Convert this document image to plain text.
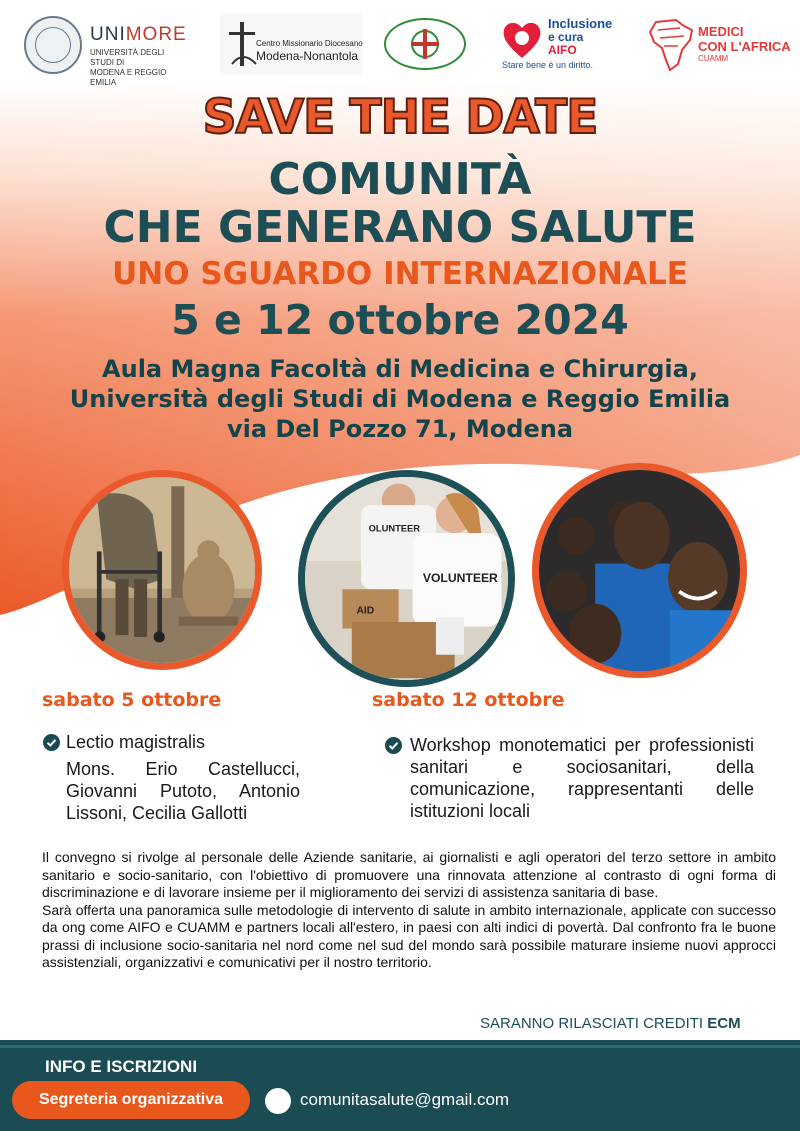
UNIMORE
UNIVERSITÀ DEGLI STUDI DI
MODENA E REGGIO EMILIA
Centro Missionario Diocesano
Modena-Nonantola
Inclusione
e cura
AIFO
Stare bene è un diritto.
MEDICI
CON L'AFRICA
CUAMM
SAVE THE DATE
COMUNITÀ
CHE GENERANO SALUTE
UNO SGUARDO INTERNAZIONALE
5 e 12 ottobre 2024
Aula Magna Facoltà di Medicina e Chirurgia,
Università degli Studi di Modena e Reggio Emilia
via Del Pozzo 71, Modena
OLUNTEER
VOLUNTEER
AID
sabato 5 ottobre
Lectio magistralis
Mons. Erio Castellucci, Giovanni Putoto, Antonio Lissoni, Cecilia Gallotti
sabato 12 ottobre
Workshop monotematici per professionisti sanitari e sociosanitari, della comunicazione, rappresentanti delle istituzioni locali

Il convegno si rivolge al personale delle Aziende sanitarie, ai giornalisti e agli operatori del terzo settore in ambito sanitario e socio-sanitario, con l'obiettivo di promuovere una rinnovata attenzione al contrasto di ogni forma di discriminazione e di lavorare insieme per il miglioramento dei servizi di assistenza sanitaria di base.

Sarà offerta una panoramica sulle metodologie di intervento di salute in ambito internazionale, applicate con successo da ong come AIFO e CUAMM e partners locali all'estero, in paesi con alti indici di povertà. Dal confronto fra le buone prassi di inclusione socio-sanitaria nel nord come nel sud del mondo sarà possibile maturare insieme nuovi approcci assistenziali, organizzativi e comunicativi per il nostro territorio.

SARANNO RILASCIATI CREDITI ECM
INFO E ISCRIZIONI
Segreteria organizzativa	comunitasalute@gmail.com
